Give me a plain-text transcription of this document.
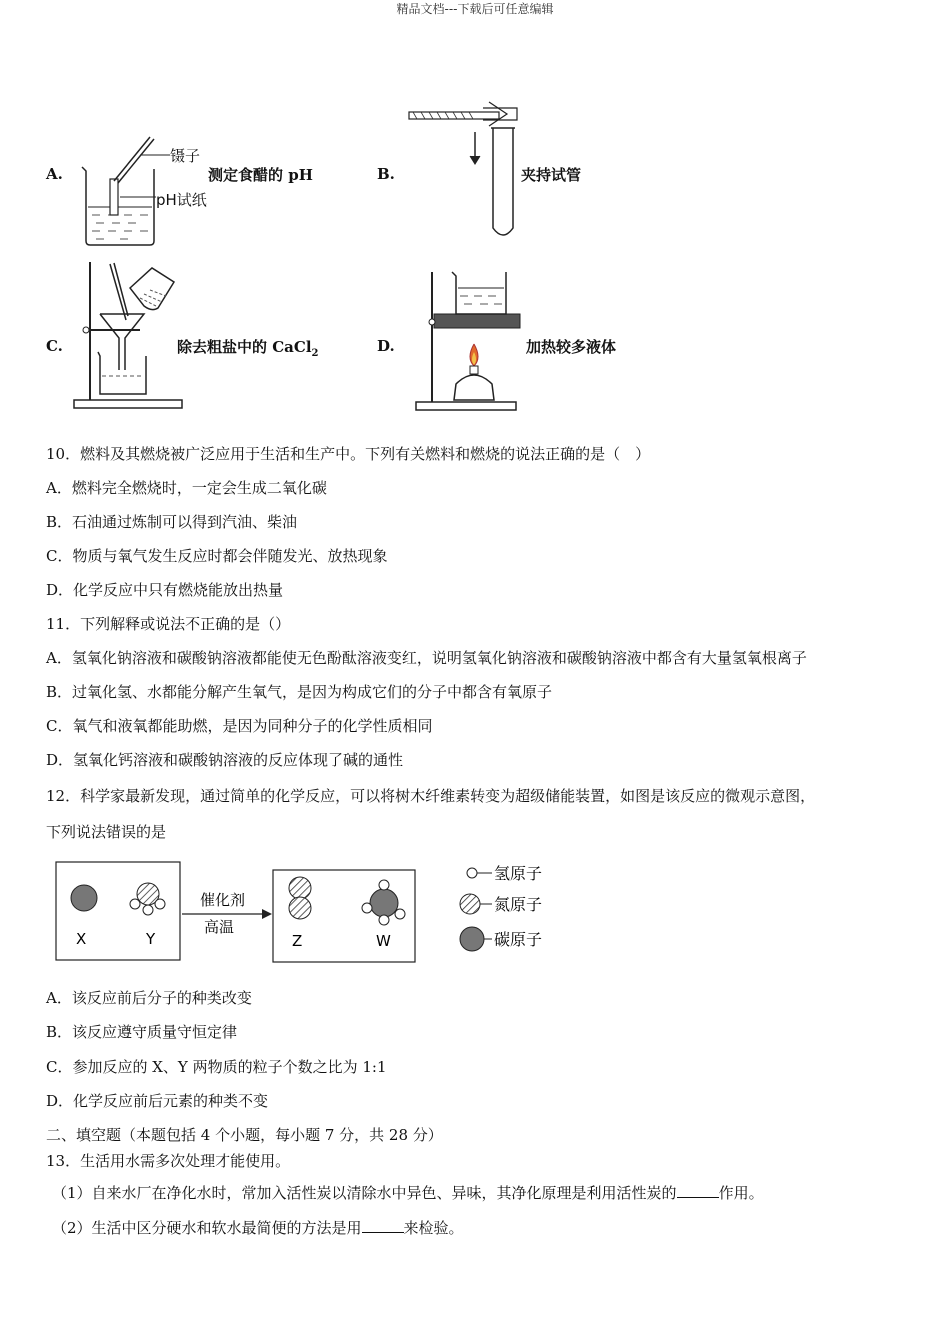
精品文档---下载后可任意编辑
A.
镊子
pH试纸
测定食醋的 pH	B.	夹持试管
C.	除去粗盐中的 CaCl$_2$	D.	加热较多液体
10．燃料及其燃烧被广泛应用于生活和生产中。下列有关燃料和燃烧的说法正确的是（　）
A．燃料完全燃烧时，一定会生成二氧化碳
B．石油通过炼制可以得到汽油、柴油
C．物质与氧气发生反应时都会伴随发光、放热现象
D．化学反应中只有燃烧能放出热量
11．下列解释或说法不正确的是（）
A．氢氧化钠溶液和碳酸钠溶液都能使无色酚酞溶液变红，说明氢氧化钠溶液和碳酸钠溶液中都含有大量氢氧根离子
B．过氧化氢、水都能分解产生氧气，是因为构成它们的分子中都含有氧原子
C．氧气和液氧都能助燃，是因为同种分子的化学性质相同
D．氢氧化钙溶液和碳酸钠溶液的反应体现了碱的通性
12．科学家最新发现，通过简单的化学反应，可以将树木纤维素转变为超级储能装置，如图是该反应的微观示意图，
下列说法错误的是
X	Y
催化剂
高温
Z	W
氢原子
氮原子
碳原子
A．该反应前后分子的种类改变
B．该反应遵守质量守恒定律
C．参加反应的 X、Y 两物质的粒子个数之比为 1:1
D．化学反应前后元素的种类不变
二、填空题（本题包括 4 个小题，每小题 7 分，共 28 分）
13．生活用水需多次处理才能使用。
（1）自来水厂在净化水时，常加入活性炭以清除水中异色、异味，其净化原理是利用活性炭的	作用。
（2）生活中区分硬水和软水最简便的方法是用	来检验。
